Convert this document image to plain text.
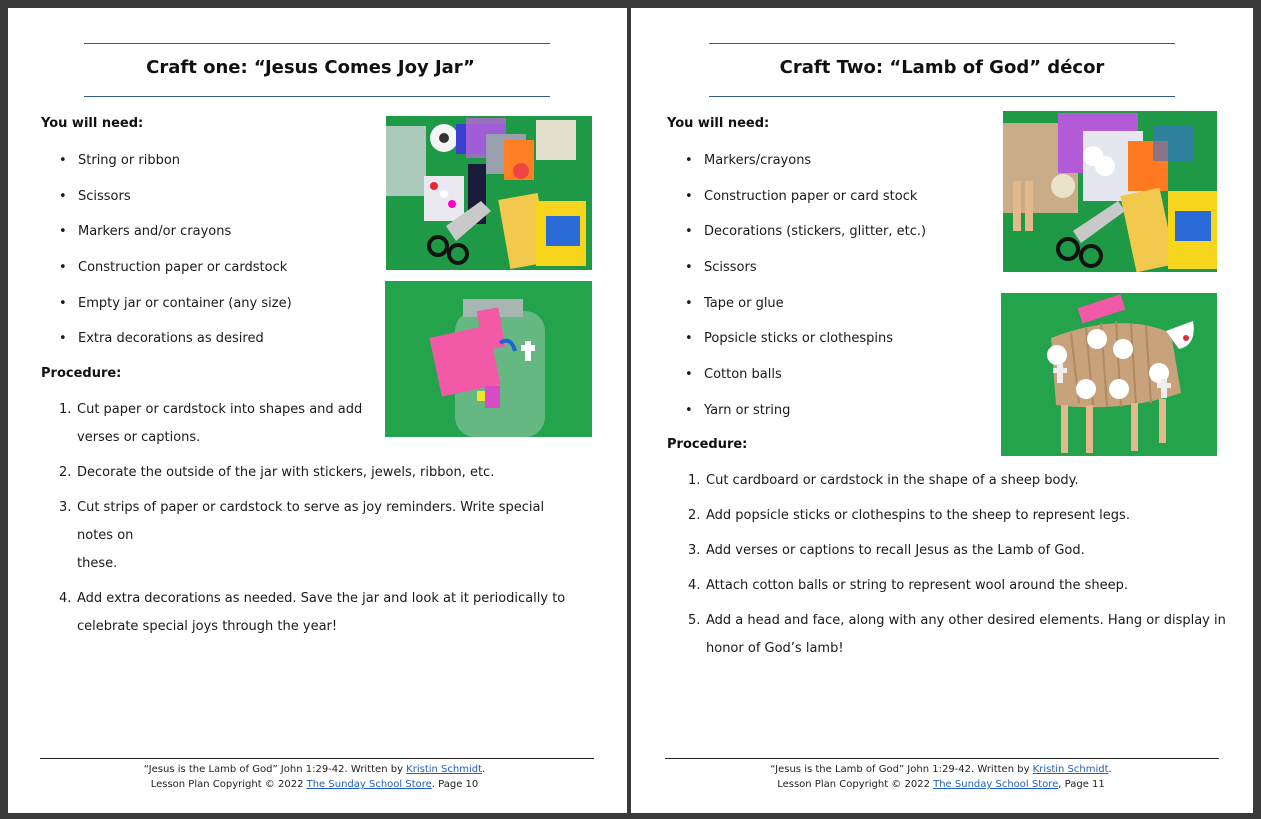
Craft one: “Jesus Comes Joy Jar”
You will need:
• String or ribbon
• Scissors
• Markers and/or crayons
• Construction paper or cardstock
• Empty jar or container (any size)
• Extra decorations as desired
Procedure:
1. Cut paper or cardstock into shapes and add
verses or captions.
2. Decorate the outside of the jar with stickers, jewels, ribbon, etc.
3. Cut strips of paper or cardstock to serve as joy reminders. Write special notes on
these.
4. Add extra decorations as needed. Save the jar and look at it periodically to
celebrate special joys through the year!
“Jesus is the Lamb of God” John 1:29-42. Written by Kristin Schmidt.
Lesson Plan Copyright © 2022 The Sunday School Store. Page 10
Craft Two: “Lamb of God” décor
You will need:
• Markers/crayons
• Construction paper or card stock
• Decorations (stickers, glitter, etc.)
• Scissors
• Tape or glue
• Popsicle sticks or clothespins
• Cotton balls
• Yarn or string
Procedure:
1. Cut cardboard or cardstock in the shape of a sheep body.
2. Add popsicle sticks or clothespins to the sheep to represent legs.
3. Add verses or captions to recall Jesus as the Lamb of God.
4. Attach cotton balls or string to represent wool around the sheep.
5. Add a head and face, along with any other desired elements. Hang or display in
honor of God’s lamb!
“Jesus is the Lamb of God” John 1:29-42. Written by Kristin Schmidt.
Lesson Plan Copyright © 2022 The Sunday School Store, Page 11
